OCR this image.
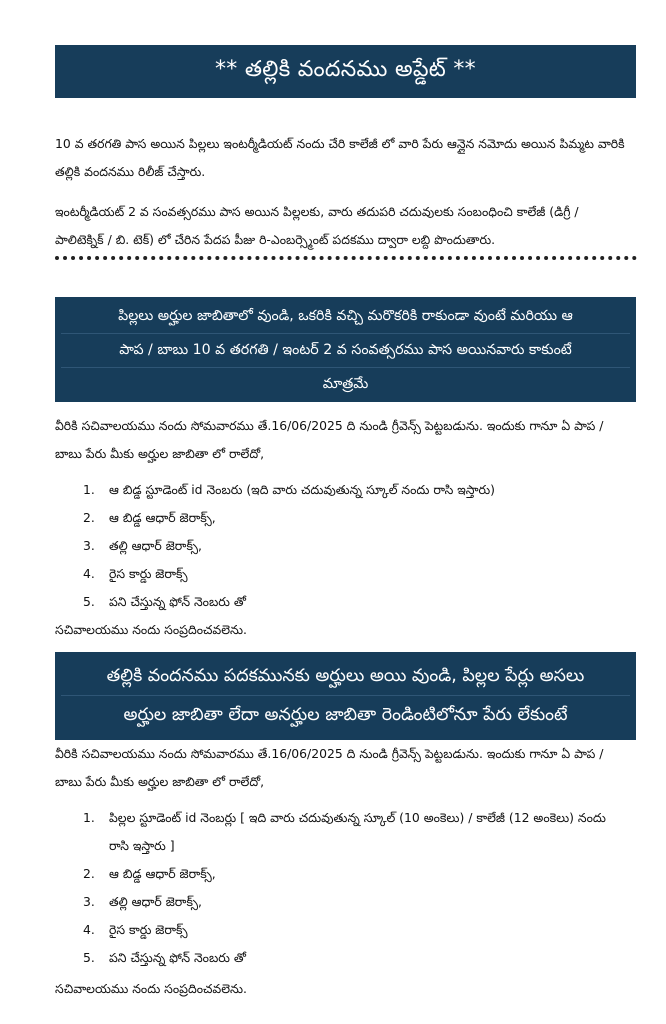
** తల్లికి వందనము అప్డేట్ **
10 వ తరగతి పాస అయిన పిల్లలు ఇంటర్మీడియట్ నందు చేరి కాలేజీ లో వారి పేరు ఆన్లైన నమోదు అయిన పిమ్మట వారికి తల్లికి వందనము రిలీజ్ చేస్తారు.
ఇంటర్మీడియట్ 2 వ సంవత్సరము పాస అయిన పిల్లలకు, వారు తదుపరి చదువులకు సంబంధించి కాలేజీ (డిగ్రీ / పాలిటెక్నిక్ / బి. టెక్) లో చేరిన పేదప పీజు రి-ఎంబర్స్మెంట్ పదకము ద్వారా లబ్ది పొందుతారు.
పిల్లలు అర్హుల జాబితాలో వుండి, ఒకరికి వచ్చి మరొకరికి రాకుండా వుంటే మరియు ఆ
పాప / బాబు 10 వ తరగతి / ఇంటర్ 2 వ సంవత్సరము పాస అయినవారు కాకుంటే
మాత్రమే
వీరికి సచివాలయము నందు సోమవారము తే.16/06/2025 ది నుండి గ్రీవెన్స్ పెట్టబడును. ఇందుకు గానూ ఏ పాప / బాబు పేరు మీకు అర్హుల జాబితా లో రాలేదో,
1.	ఆ బిడ్డ స్టూడెంట్ id నెంబరు (ఇది వారు చదువుతున్న స్కూల్ నందు రాసి ఇస్తారు)
2.	ఆ బిడ్డ ఆధార్ జెరాక్స్,
3.	తల్లి ఆధార్ జెరాక్స్,
4.	రైస కార్డు జెరాక్స్
5.	పని చేస్తున్న ఫోన్ నెంబరు తో
సచివాలయము నందు సంప్రదించవలెను.
తల్లికి వందనము పదకమునకు అర్హులు అయి వుండి, పిల్లల పేర్లు అసలు
అర్హుల జాబితా లేదా అనర్హుల జాబితా రెండింటిలోనూ పేరు లేకుంటే
వీరికి సచివాలయము నందు సోమవారము తే.16/06/2025 ది నుండి గ్రీవెన్స్ పెట్టబడును. ఇందుకు గానూ ఏ పాప / బాబు పేరు మీకు అర్హుల జాబితా లో రాలేదో,
1.	పిల్లల స్టూడెంట్ id నెంబర్లు [ ఇది వారు చదువుతున్న స్కూల్ (10 అంకెలు) / కాలేజీ (12 అంకెలు) నందు రాసి ఇస్తారు ]
2.	ఆ బిడ్డ ఆధార్ జెరాక్స్,
3.	తల్లి ఆధార్ జెరాక్స్,
4.	రైస కార్డు జెరాక్స్
5.	పని చేస్తున్న ఫోన్ నెంబరు తో
సచివాలయము నందు సంప్రదించవలెను.
